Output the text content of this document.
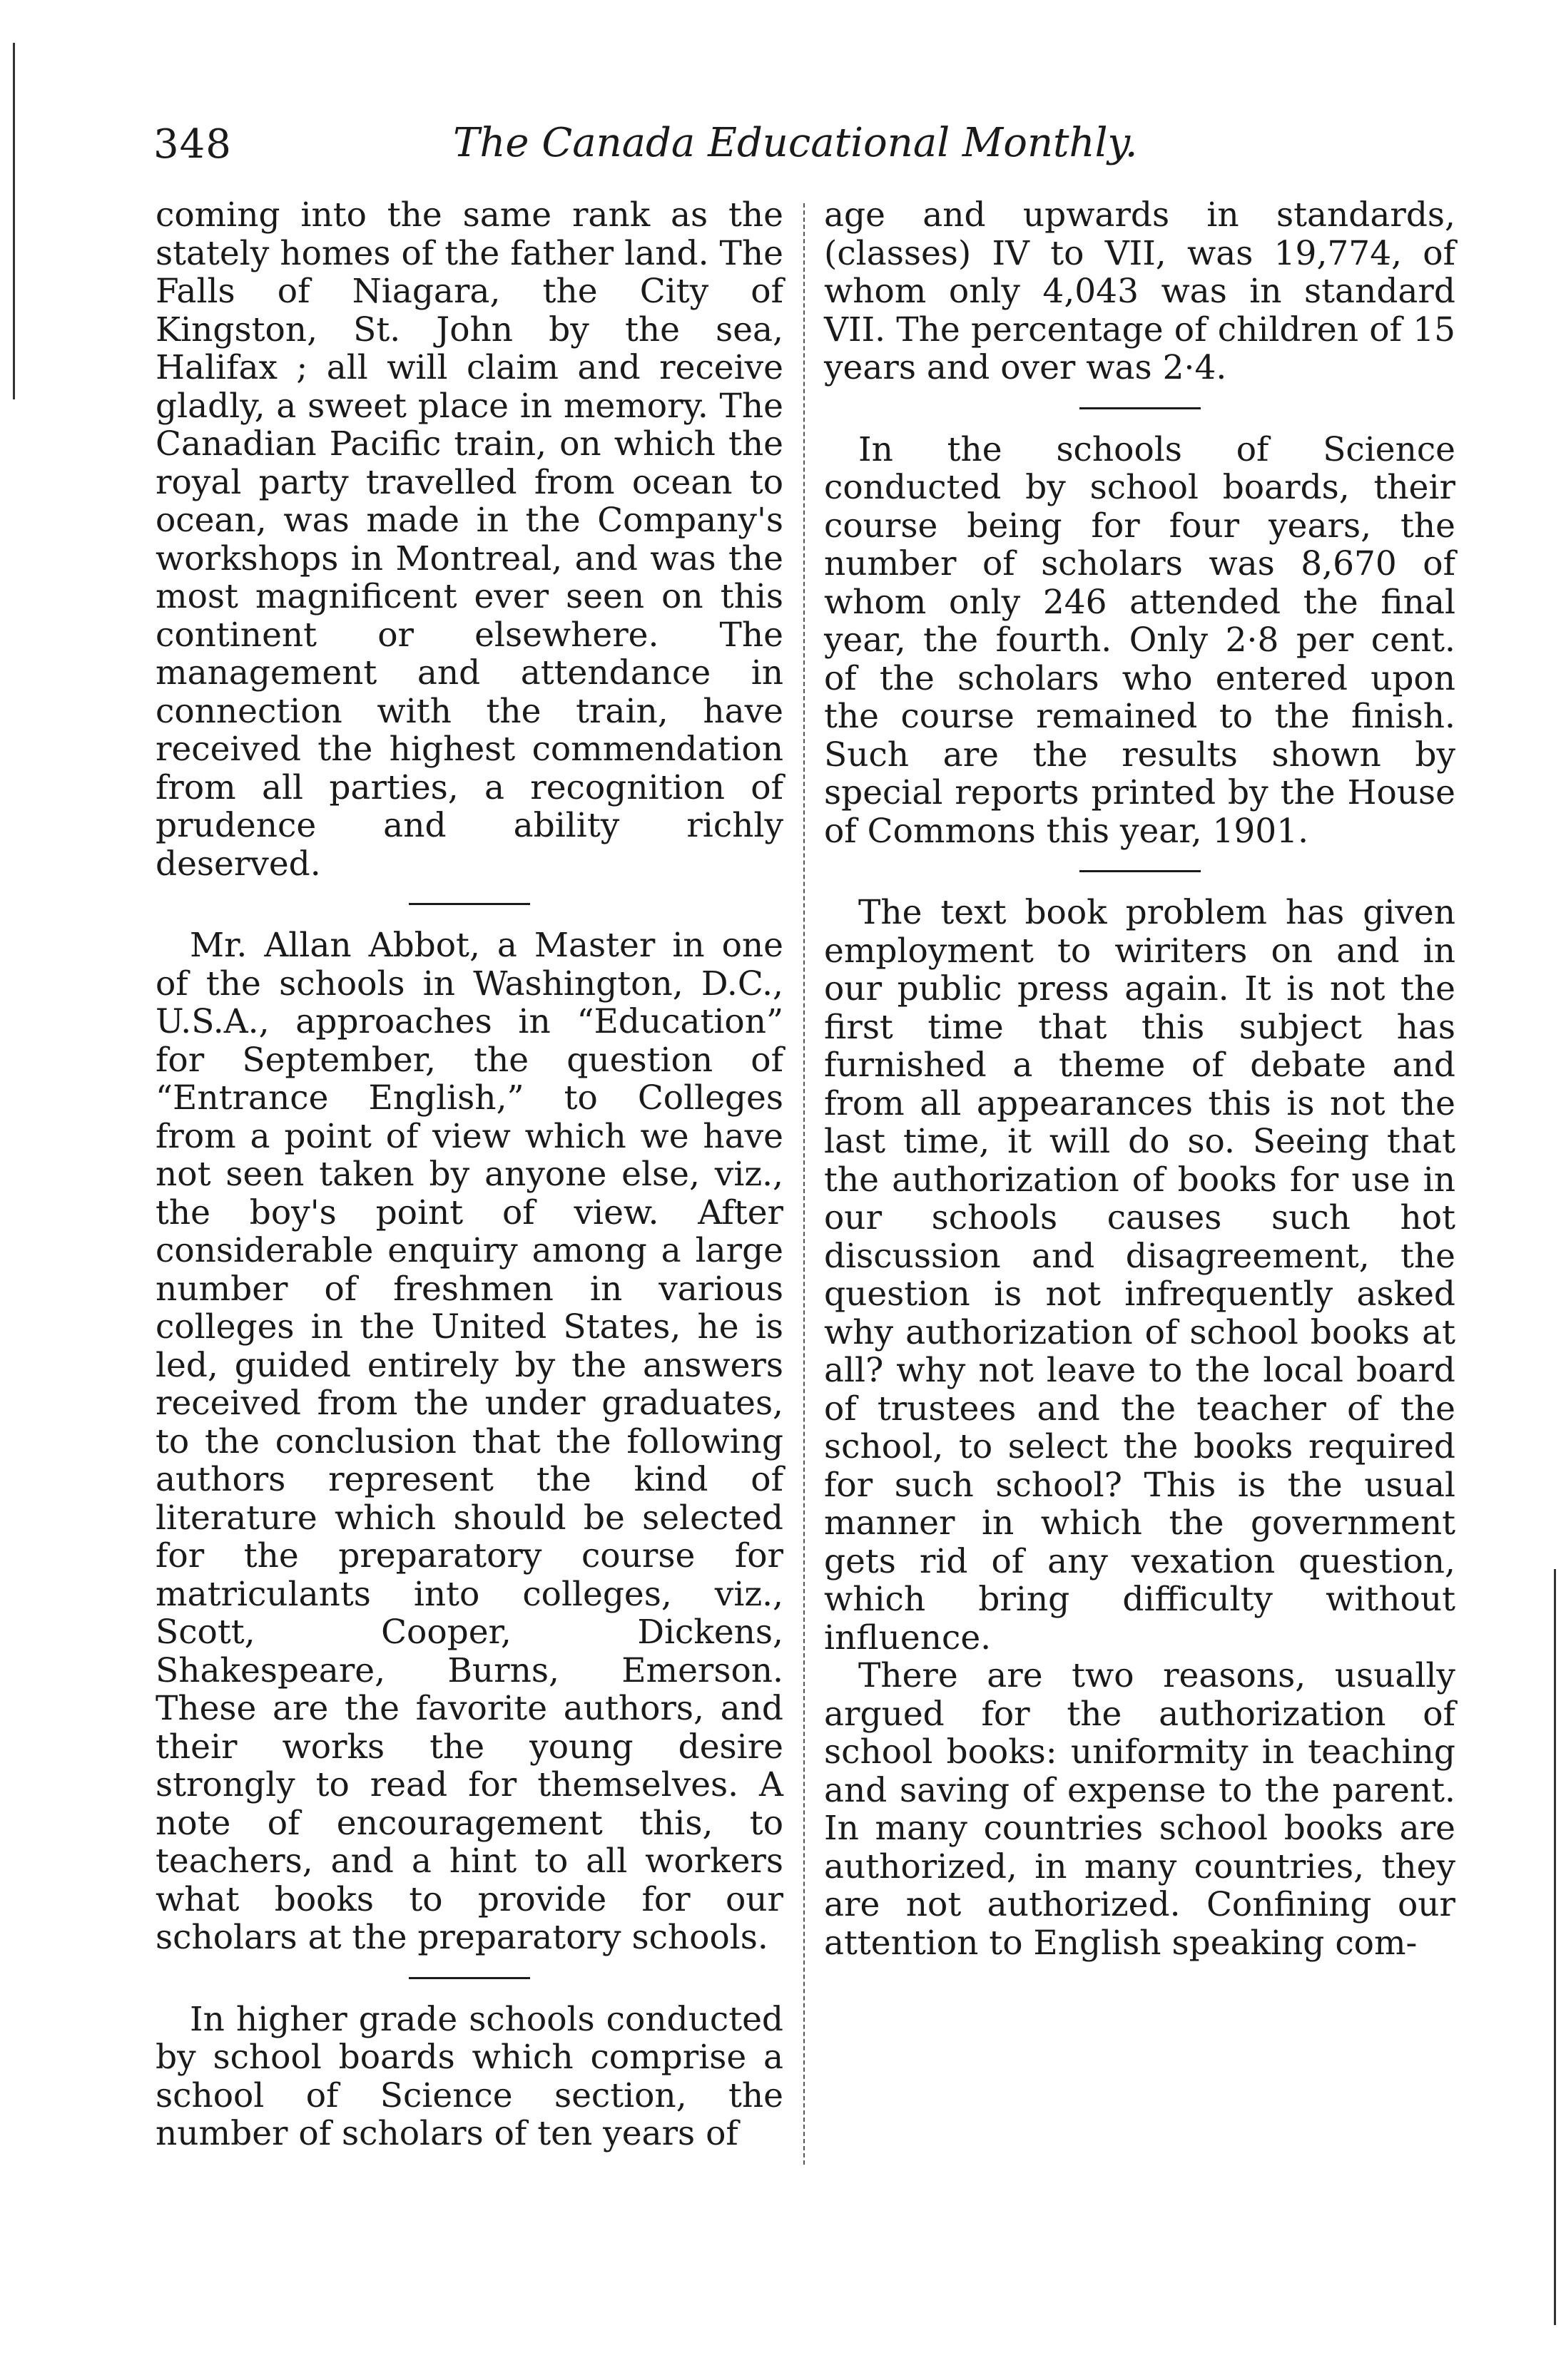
348	The Canada Educational Monthly.

coming into the same rank as the stately homes of the father land. The Falls of Niagara, the City of Kingston, St. John by the sea, Halifax ; all will claim and receive gladly, a sweet place in memory. The Canadian Pacific train, on which the royal party travelled from ocean to ocean, was made in the Company's workshops in Montreal, and was the most magnificent ever seen on this continent or elsewhere. The management and attendance in connection with the train, have received the highest commendation from all parties, a recognition of prudence and ability richly deserved.

Mr. Allan Abbot, a Master in one of the schools in Washington, D.C., U.S.A., approaches in “Education” for September, the question of “Entrance English,” to Colleges from a point of view which we have not seen taken by anyone else, viz., the boy's point of view. After considerable enquiry among a large number of freshmen in various colleges in the United States, he is led, guided entirely by the answers received from the under graduates, to the conclusion that the following authors represent the kind of literature which should be selected for the preparatory course for matriculants into colleges, viz., Scott, Cooper, Dickens, Shakespeare, Burns, Emerson. These are the favorite authors, and their works the young desire strongly to read for themselves. A note of encouragement this, to teachers, and a hint to all workers what books to provide for our scholars at the preparatory schools.

In higher grade schools conducted by school boards which comprise a school of Science section, the number of scholars of ten years of

age and upwards in standards, (classes) IV to VII, was 19,774, of whom only 4,043 was in standard VII. The percentage of children of 15 years and over was 2·4.

In the schools of Science conducted by school boards, their course being for four years, the number of scholars was 8,670 of whom only 246 attended the final year, the fourth. Only 2·8 per cent. of the scholars who entered upon the course remained to the finish. Such are the results shown by special reports printed by the House of Commons this year, 1901.

The text book problem has given employment to wiriters on and in our public press again. It is not the first time that this subject has furnished a theme of debate and from all appearances this is not the last time, it will do so. Seeing that the authorization of books for use in our schools causes such hot discussion and disagreement, the question is not infrequently asked why authorization of school books at all? why not leave to the local board of trustees and the teacher of the school, to select the books required for such school? This is the usual manner in which the government gets rid of any vexation question, which bring difficulty without influence.

There are two reasons, usually argued for the authorization of school books: uniformity in teaching and saving of expense to the parent. In many countries school books are authorized, in many countries, they are not authorized. Confining our attention to English speaking com-
